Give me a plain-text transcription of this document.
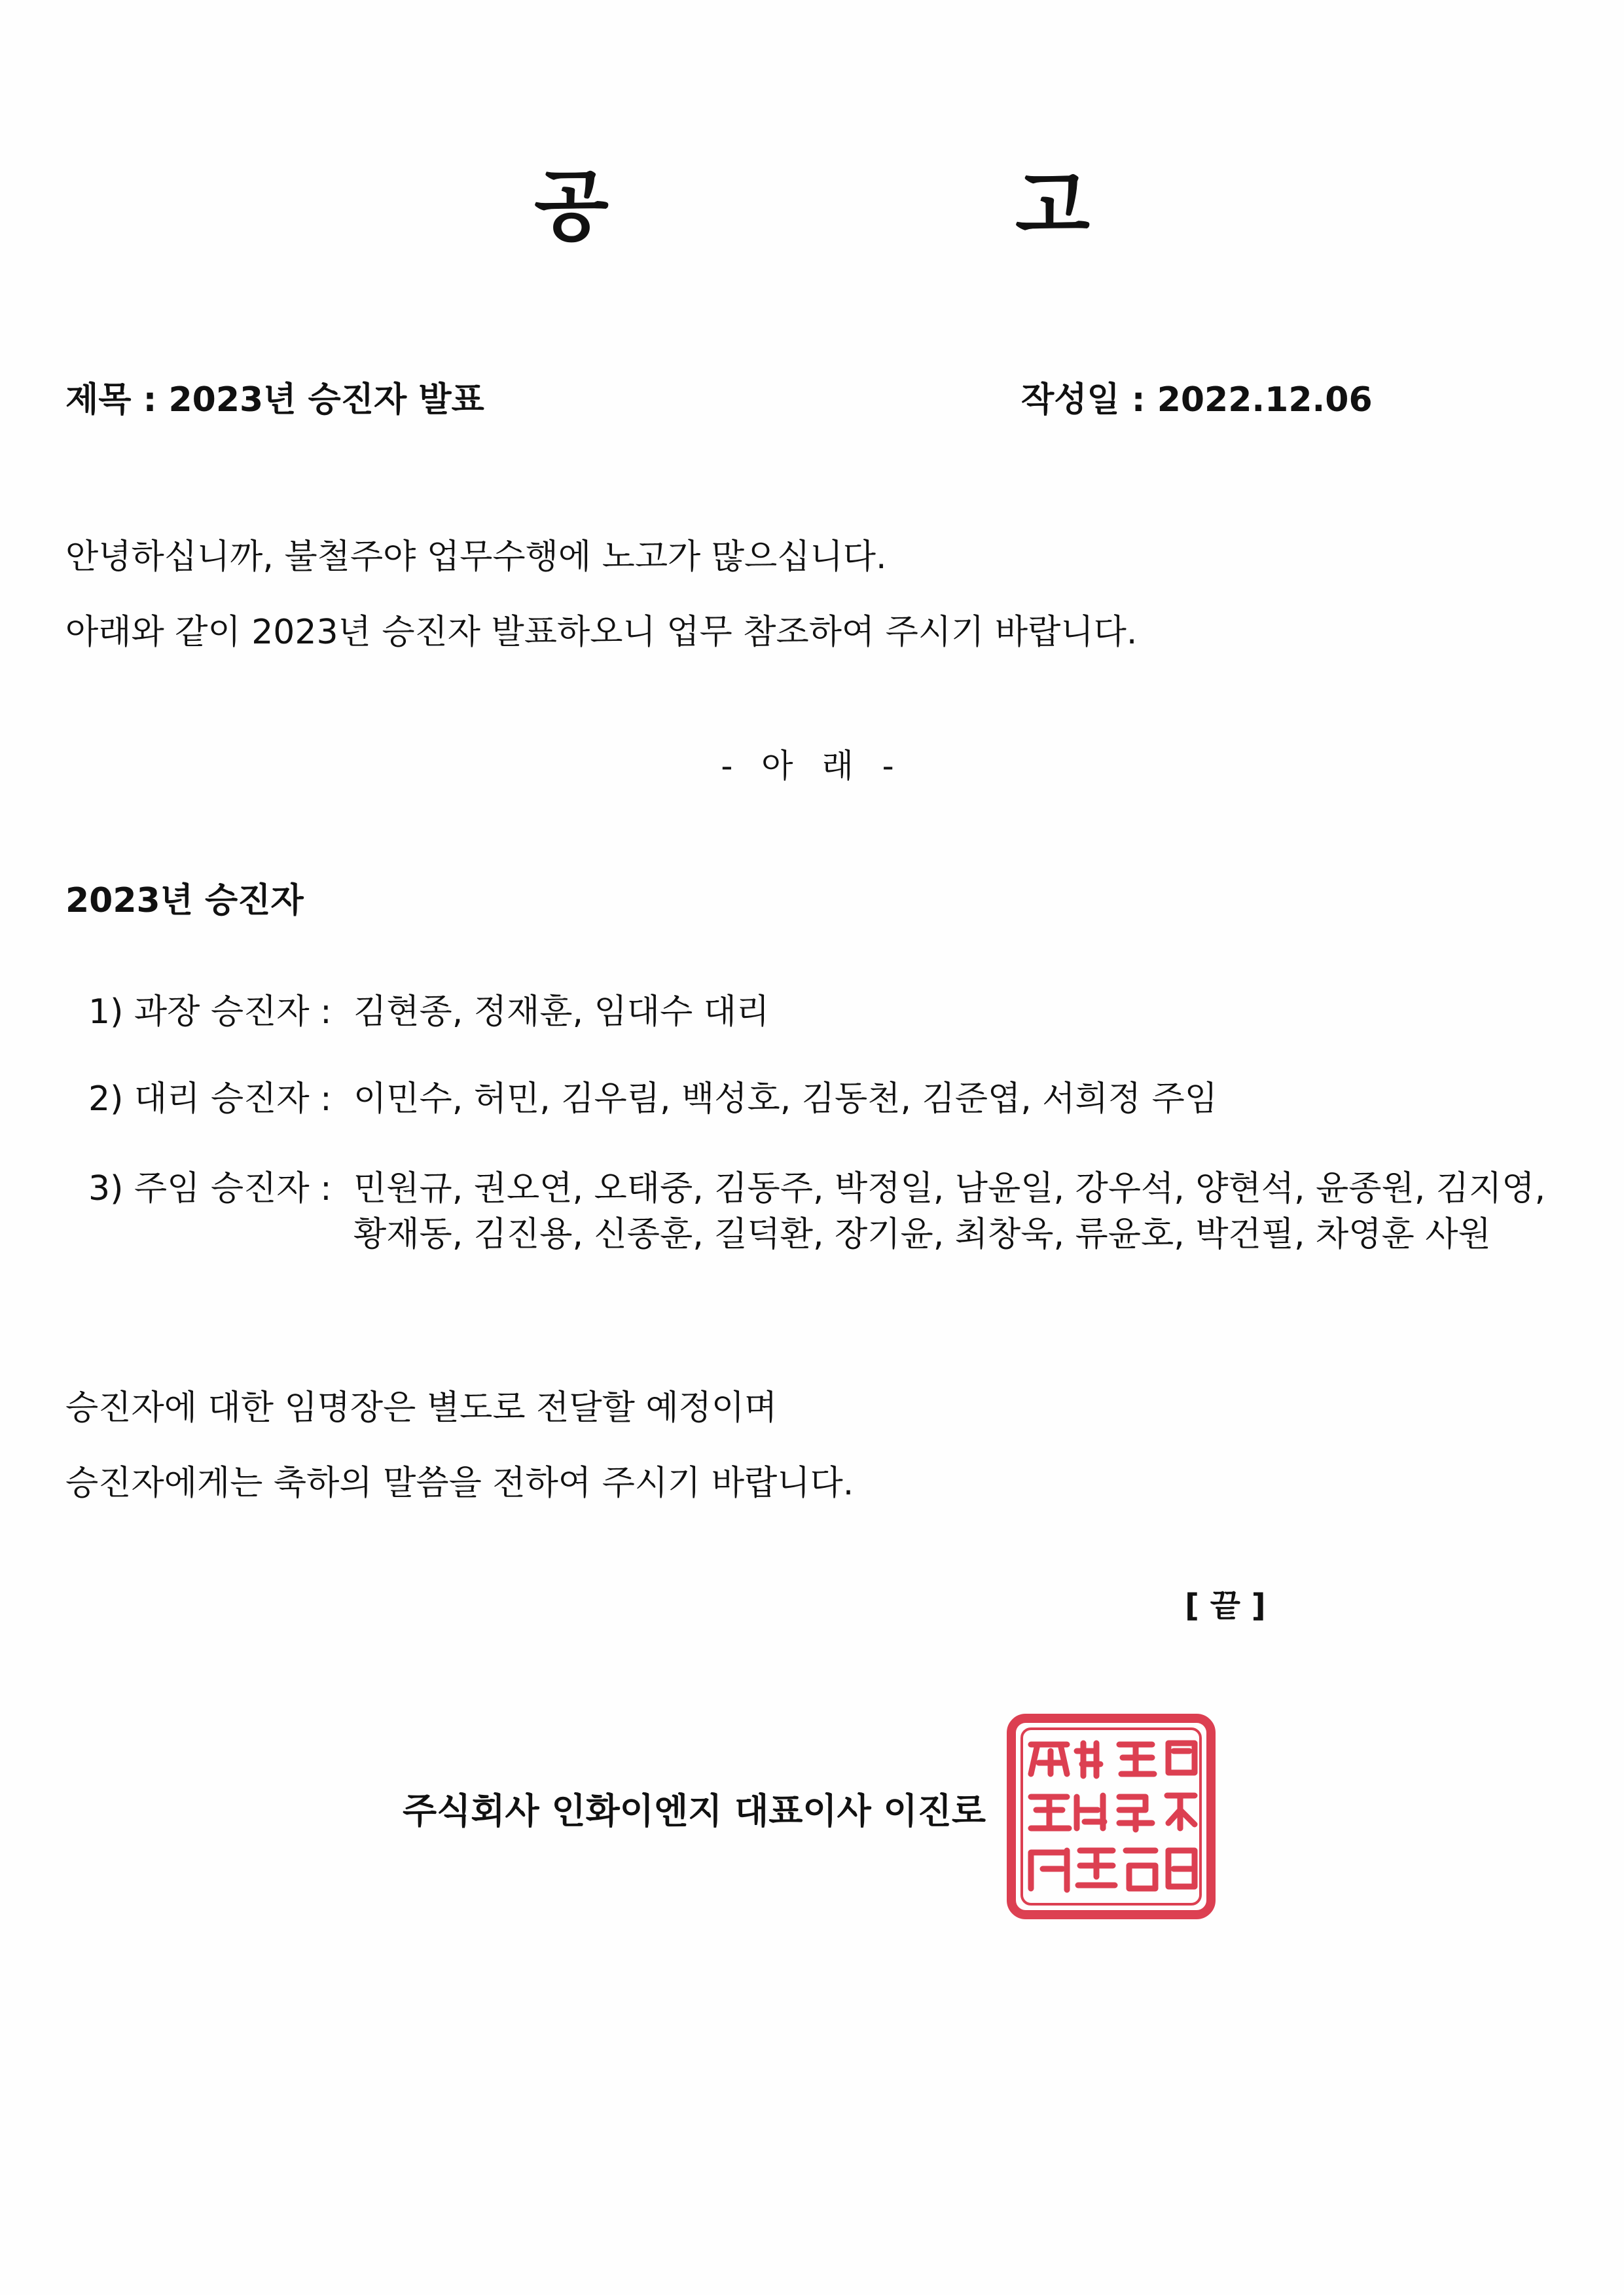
공 고
제목 : 2023년 승진자 발표	작성일 : 2022.12.06
안녕하십니까, 불철주야 업무수행에 노고가 많으십니다.
아래와 같이 2023년 승진자 발표하오니 업무 참조하여 주시기 바랍니다.
- 아 래 -
2023년 승진자
1) 과장 승진자 : 김현종, 정재훈, 임대수 대리
2) 대리 승진자 : 이민수, 허민, 김우림, 백성호, 김동천, 김준엽, 서희정 주임
3) 주임 승진자 : 민원규, 권오연, 오태중, 김동주, 박정일, 남윤일, 강우석, 양현석, 윤종원, 김지영,
황재동, 김진용, 신종훈, 길덕환, 장기윤, 최창욱, 류윤호, 박건필, 차영훈 사원
승진자에 대한 임명장은 별도로 전달할 예정이며
승진자에게는 축하의 말씀을 전하여 주시기 바랍니다.
[ 끝 ]
주식회사 인화이엔지 대표이사 이진로
